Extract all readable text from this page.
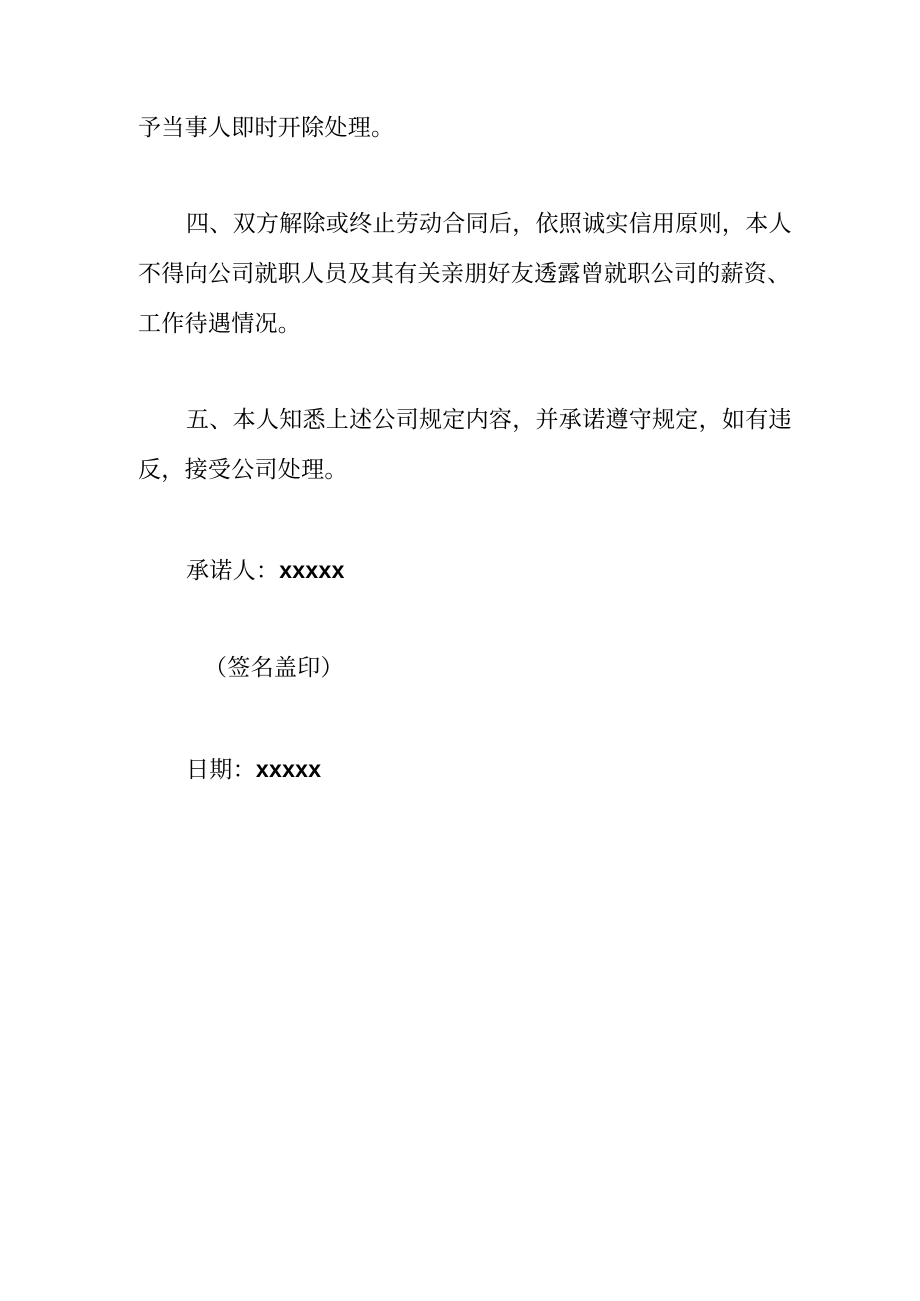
予当事人即时开除处理。
四、双方解除或终止劳动合同后，依照诚实信用原则，本人
不得向公司就职人员及其有关亲朋好友透露曾就职公司的薪资、
工作待遇情况。
五、本人知悉上述公司规定内容，并承诺遵守规定，如有违
反，接受公司处理。
承诺人：xxxxx
（签名盖印）
日期：xxxxx
